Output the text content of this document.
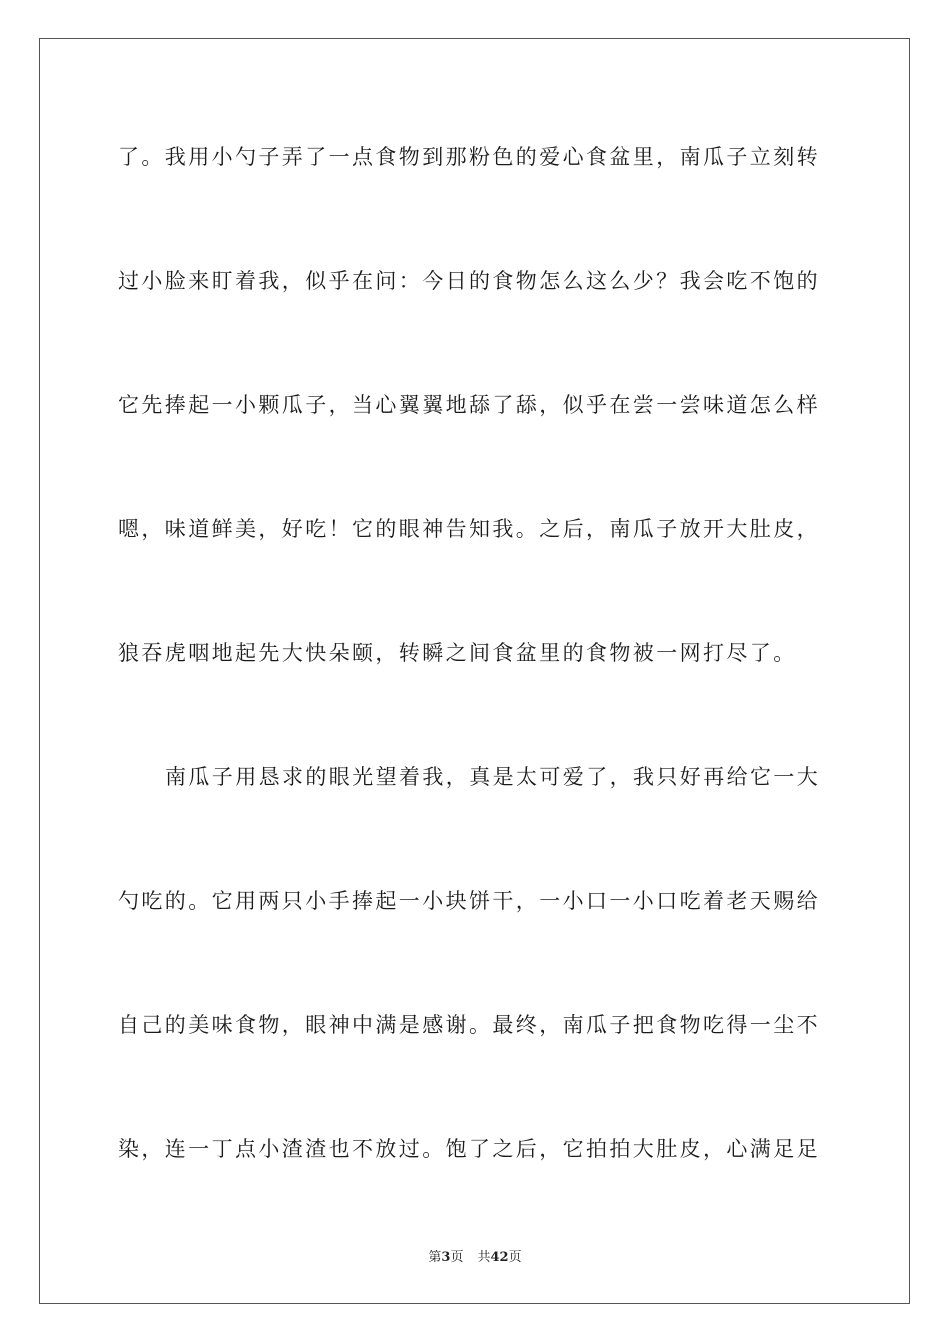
了。我用小勺子弄了一点食物到那粉色的爱心食盆里，南瓜子立刻转
过小脸来盯着我，似乎在问：今日的食物怎么这么少？我会吃不饱的
它先捧起一小颗瓜子，当心翼翼地舔了舔，似乎在尝一尝味道怎么样
嗯，味道鲜美，好吃！它的眼神告知我。之后，南瓜子放开大肚皮，
狼吞虎咽地起先大快朵颐，转瞬之间食盆里的食物被一网打尽了。
南瓜子用恳求的眼光望着我，真是太可爱了，我只好再给它一大
勺吃的。它用两只小手捧起一小块饼干，一小口一小口吃着老天赐给
自己的美味食物，眼神中满是感谢。最终，南瓜子把食物吃得一尘不
染，连一丁点小渣渣也不放过。饱了之后，它拍拍大肚皮，心满足足
第3页 共42页
